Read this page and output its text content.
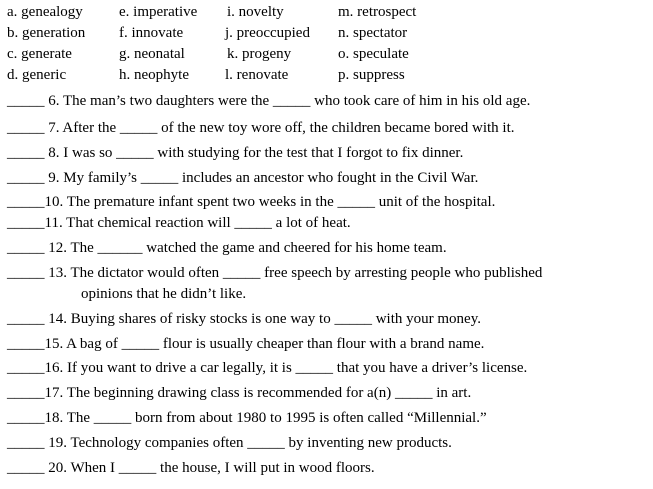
a. genealogy e. imperative i. novelty	m. retrospect
b. generation f. innovate	j. preoccupied n. spectator
c. generate	g. neonatal	k. progeny	o. speculate
d. generic	h. neophyte l. renovate	p. suppress
_____ 6. The man’s two daughters were the _____ who took care of him in his old age.
_____ 7. After the _____ of the new toy wore off, the children became bored with it.
_____ 8. I was so _____ with studying for the test that I forgot to fix dinner.
_____ 9. My family’s _____ includes an ancestor who fought in the Civil War.
_____10. The premature infant spent two weeks in the _____ unit of the hospital.
_____11. That chemical reaction will _____ a lot of heat.
_____ 12. The ______ watched the game and cheered for his home team.
_____ 13. The dictator would often _____ free speech by arresting people who published
opinions that he didn’t like.
_____ 14. Buying shares of risky stocks is one way to _____ with your money.
_____15. A bag of _____ flour is usually cheaper than flour with a brand name.
_____16. If you want to drive a car legally, it is _____ that you have a driver’s license.
_____17. The beginning drawing class is recommended for a(n) _____ in art.
_____18. The _____ born from about 1980 to 1995 is often called “Millennial.”
_____ 19. Technology companies often _____ by inventing new products.
_____ 20. When I _____ the house, I will put in wood floors.
